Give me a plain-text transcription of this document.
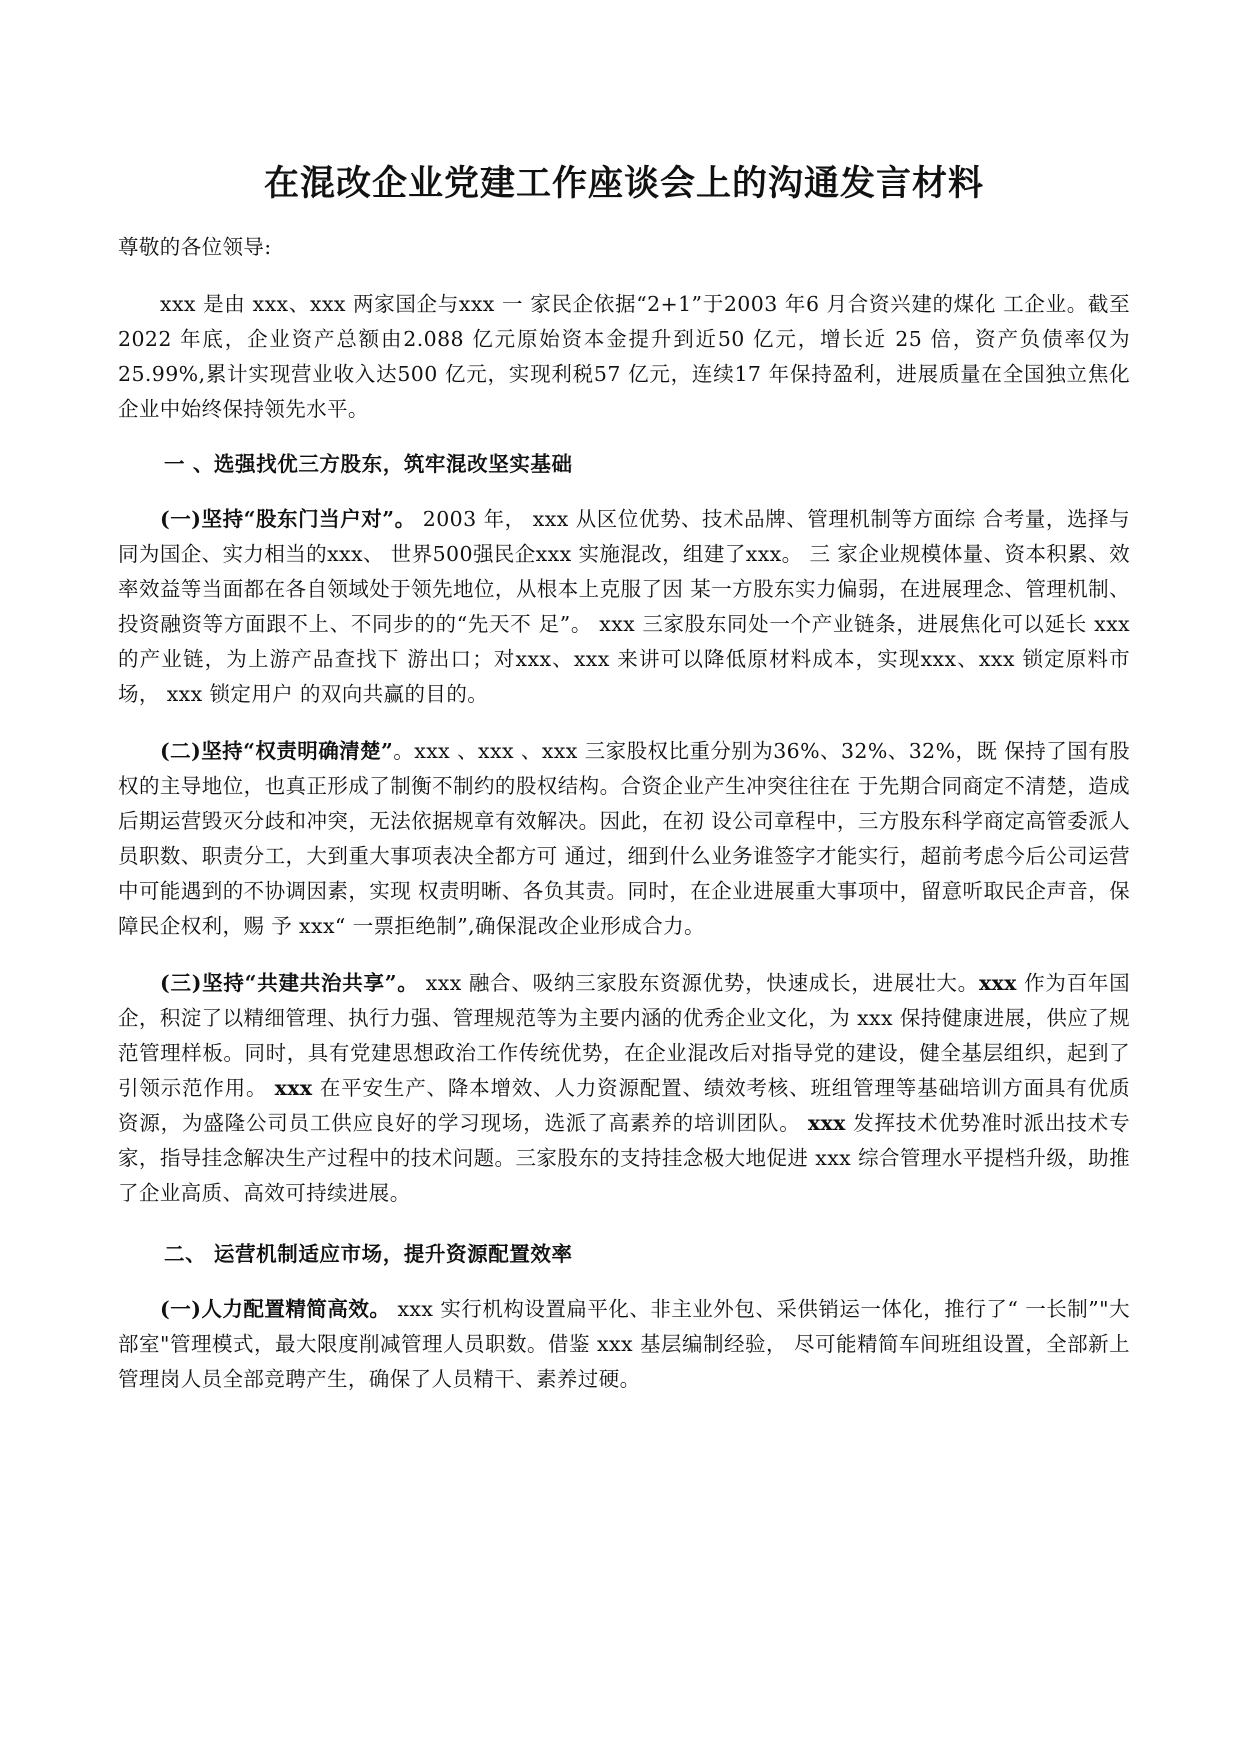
在混改企业党建工作座谈会上的沟通发言材料

尊敬的各位领导:

xxx 是由 xxx、xxx 两家国企与xxx 一 家民企依据“2+1”于2003 年6 月合资兴建的煤化 工企业。截至2022 年底，企业资产总额由2.088 亿元原始资本金提升到近50 亿元，增长近 25 倍，资产负债率仅为25.99%,累计实现营业收入达500 亿元，实现利税57 亿元，连续17 年保持盈利，进展质量在全国独立焦化企业中始终保持领先水平。

一 、选强找优三方股东，筑牢混改坚实基础

(一)坚持“股东门当户对”。 2003 年， xxx 从区位优势、技术品牌、管理机制等方面综 合考量，选择与同为国企、实力相当的xxx、 世界500强民企xxx 实施混改，组建了xxx。 三 家企业规模体量、资本积累、效率效益等当面都在各自领域处于领先地位，从根本上克服了因 某一方股东实力偏弱，在进展理念、管理机制、投资融资等方面跟不上、不同步的的“先天不 足”。 xxx 三家股东同处一个产业链条，进展焦化可以延长 xxx 的产业链，为上游产品查找下 游出口；对xxx、xxx 来讲可以降低原材料成本，实现xxx、xxx 锁定原料市场， xxx 锁定用户 的双向共赢的目的。

(二)坚持“权责明确清楚”。xxx 、xxx 、xxx 三家股权比重分别为36%、32%、32%，既 保持了国有股权的主导地位，也真正形成了制衡不制约的股权结构。合资企业产生冲突往往在 于先期合同商定不清楚，造成后期运营毁灭分歧和冲突，无法依据规章有效解决。因此，在初 设公司章程中，三方股东科学商定高管委派人员职数、职责分工，大到重大事项表决全都方可 通过，细到什么业务谁签字才能实行，超前考虑今后公司运营中可能遇到的不协调因素，实现 权责明晰、各负其责。同时，在企业进展重大事项中，留意听取民企声音，保障民企权利，赐 予 xxx“ 一票拒绝制”,确保混改企业形成合力。

(三)坚持“共建共治共享”。 xxx 融合、吸纳三家股东资源优势，快速成长，进展壮大。xxx 作为百年国企，积淀了以精细管理、执行力强、管理规范等为主要内涵的优秀企业文化，为 xxx 保持健康进展，供应了规范管理样板。同时，具有党建思想政治工作传统优势，在企业混改后对指导党的建设，健全基层组织，起到了引领示范作用。 xxx 在平安生产、降本增效、人力资源配置、绩效考核、班组管理等基础培训方面具有优质资源，为盛隆公司员工供应良好的学习现场，选派了高素养的培训团队。 xxx 发挥技术优势准时派出技术专家，指导挂念解决生产过程中的技术问题。三家股东的支持挂念极大地促进 xxx 综合管理水平提档升级，助推了企业高质、高效可持续进展。

二、 运营机制适应市场，提升资源配置效率

(一)人力配置精简高效。 xxx 实行机构设置扁平化、非主业外包、采供销运一体化，推行了“ 一长制”"大部室"管理模式，最大限度削减管理人员职数。借鉴 xxx 基层编制经验， 尽可能精简车间班组设置，全部新上管理岗人员全部竞聘产生，确保了人员精干、素养过硬。
